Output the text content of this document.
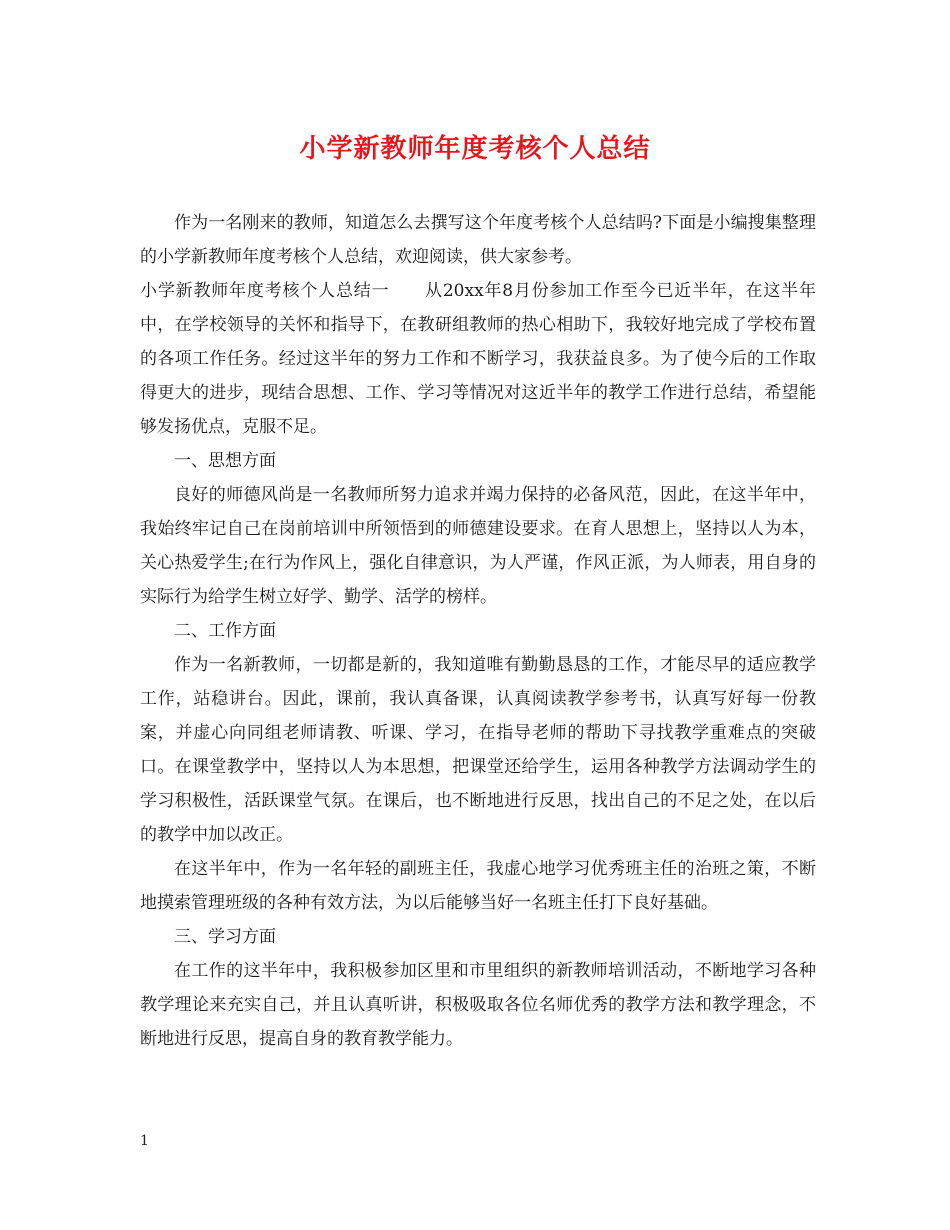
小学新教师年度考核个人总结

作为一名刚来的教师，知道怎么去撰写这个年度考核个人总结吗?下面是小编搜集整理的小学新教师年度考核个人总结，欢迎阅读，供大家参考。

小学新教师年度考核个人总结一　　从20xx年8月份参加工作至今已近半年，在这半年中，在学校领导的关怀和指导下，在教研组教师的热心相助下，我较好地完成了学校布置的各项工作任务。经过这半年的努力工作和不断学习，我获益良多。为了使今后的工作取得更大的进步，现结合思想、工作、学习等情况对这近半年的教学工作进行总结，希望能够发扬优点，克服不足。

一、思想方面

良好的师德风尚是一名教师所努力追求并竭力保持的必备风范，因此，在这半年中，我始终牢记自己在岗前培训中所领悟到的师德建设要求。在育人思想上，坚持以人为本，关心热爱学生;在行为作风上，强化自律意识，为人严谨，作风正派，为人师表，用自身的实际行为给学生树立好学、勤学、活学的榜样。

二、工作方面

作为一名新教师，一切都是新的，我知道唯有勤勤恳恳的工作，才能尽早的适应教学工作，站稳讲台。因此，课前，我认真备课，认真阅读教学参考书，认真写好每一份教案，并虚心向同组老师请教、听课、学习，在指导老师的帮助下寻找教学重难点的突破口。在课堂教学中，坚持以人为本思想，把课堂还给学生，运用各种教学方法调动学生的学习积极性，活跃课堂气氛。在课后，也不断地进行反思，找出自己的不足之处，在以后的教学中加以改正。

在这半年中，作为一名年轻的副班主任，我虚心地学习优秀班主任的治班之策，不断地摸索管理班级的各种有效方法，为以后能够当好一名班主任打下良好基础。

三、学习方面

在工作的这半年中，我积极参加区里和市里组织的新教师培训活动，不断地学习各种教学理论来充实自己，并且认真听讲，积极吸取各位名师优秀的教学方法和教学理念，不断地进行反思，提高自身的教育教学能力。

1
